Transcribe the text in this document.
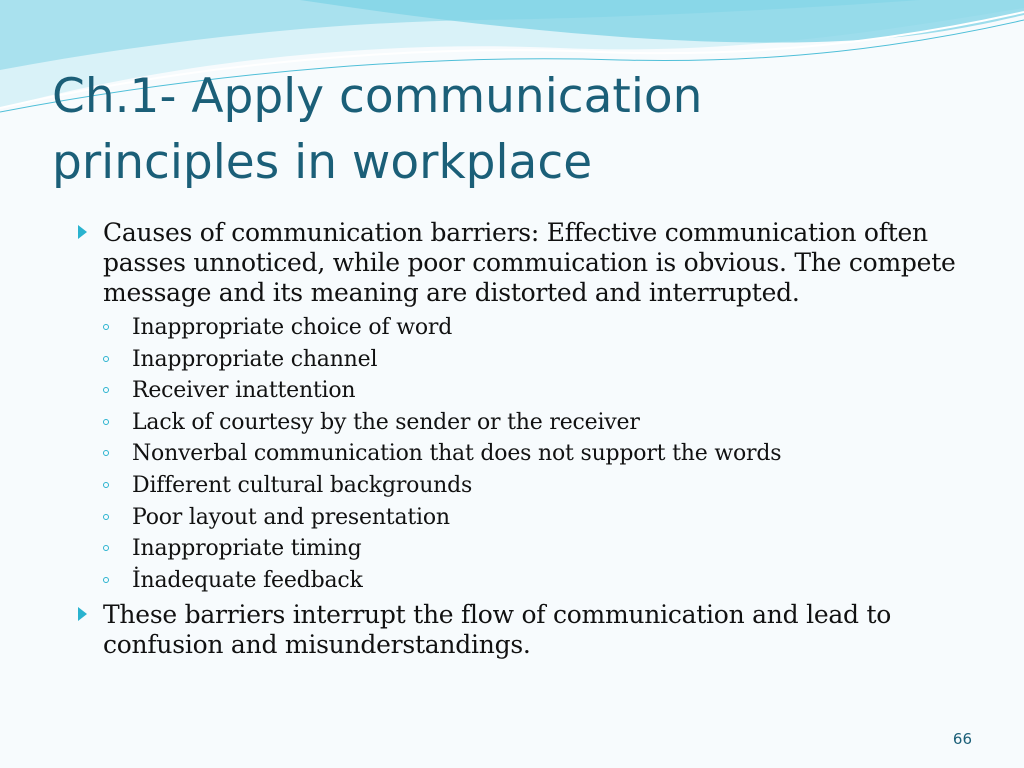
Ch.1- Apply communication
principles in workplace
Causes of communication barriers: Effective communication often passes unnoticed, while poor commuication is obvious. The compete message and its meaning are distorted and interrupted.
Inappropriate choice of word
Inappropriate channel
Receiver inattention
Lack of courtesy by the sender or the receiver
Nonverbal communication that does not support the words
Different cultural backgrounds
Poor layout and presentation
Inappropriate timing
İnadequate feedback
These barriers interrupt the flow of communication and lead to confusion and misunderstandings.
66
